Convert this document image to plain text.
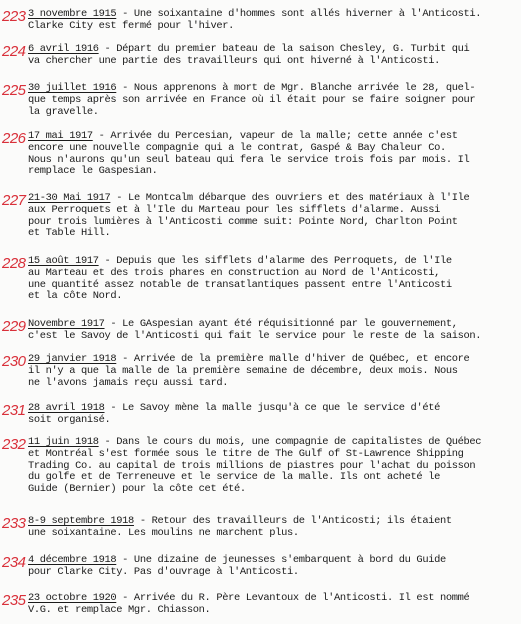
223 3 novembre 1915 - Une soixantaine d'hommes sont allés hiverner à l'Anticosti.
Clarke City est fermé pour l'hiver.
224 6 avril 1916 - Départ du premier bateau de la saison Chesley, G. Turbit qui
va chercher une partie des travailleurs qui ont hiverné à l'Anticosti.
225 30 juillet 1916 - Nous apprenons à mort de Mgr. Blanche arrivée le 28, quel-
que temps après son arrivée en France où il était pour se faire soigner pour
la gravelle.
226 17 mai 1917 - Arrivée du Percesian, vapeur de la malle; cette année c'est
encore une nouvelle compagnie qui a le contrat, Gaspé & Bay Chaleur Co.
Nous n'aurons qu'un seul bateau qui fera le service trois fois par mois. Il
remplace le Gaspesian.
227 21-30 Mai 1917 - Le Montcalm débarque des ouvriers et des matériaux à l'Ile
aux Perroquets et à l'Ile du Marteau pour les sifflets d'alarme. Aussi
pour trois lumières à l'Anticosti comme suit: Pointe Nord, Charlton Point
et Table Hill.
228 15 août 1917 - Depuis que les sifflets d'alarme des Perroquets, de l'Ile
au Marteau et des trois phares en construction au Nord de l'Anticosti,
une quantité assez notable de transatlantiques passent entre l'Anticosti
et la côte Nord.
229 Novembre 1917 - Le GAspesian ayant été réquisitionné par le gouvernement,
c'est le Savoy de l'Anticosti qui fait le service pour le reste de la saison.
230 29 janvier 1918 - Arrivée de la première malle d'hiver de Québec, et encore
il n'y a que la malle de la première semaine de décembre, deux mois. Nous
ne l'avons jamais reçu aussi tard.
231 28 avril 1918 - Le Savoy mène la malle jusqu'à ce que le service d'été
soit organisé.
232 11 juin 1918 - Dans le cours du mois, une compagnie de capitalistes de Québec
et Montréal s'est formée sous le titre de The Gulf of St-Lawrence Shipping
Trading Co. au capital de trois millions de piastres pour l'achat du poisson
du golfe et de Terreneuve et le service de la malle. Ils ont acheté le
Guide (Bernier) pour la côte cet été.
233 8-9 septembre 1918 - Retour des travailleurs de l'Anticosti; ils étaient
une soixantaine. Les moulins ne marchent plus.
234 4 décembre 1918 - Une dizaine de jeunesses s'embarquent à bord du Guide
pour Clarke City. Pas d'ouvrage à l'Anticosti.
235 23 octobre 1920 - Arrivée du R. Père Levantoux de l'Anticosti. Il est nommé
V.G. et remplace Mgr. Chiasson.
